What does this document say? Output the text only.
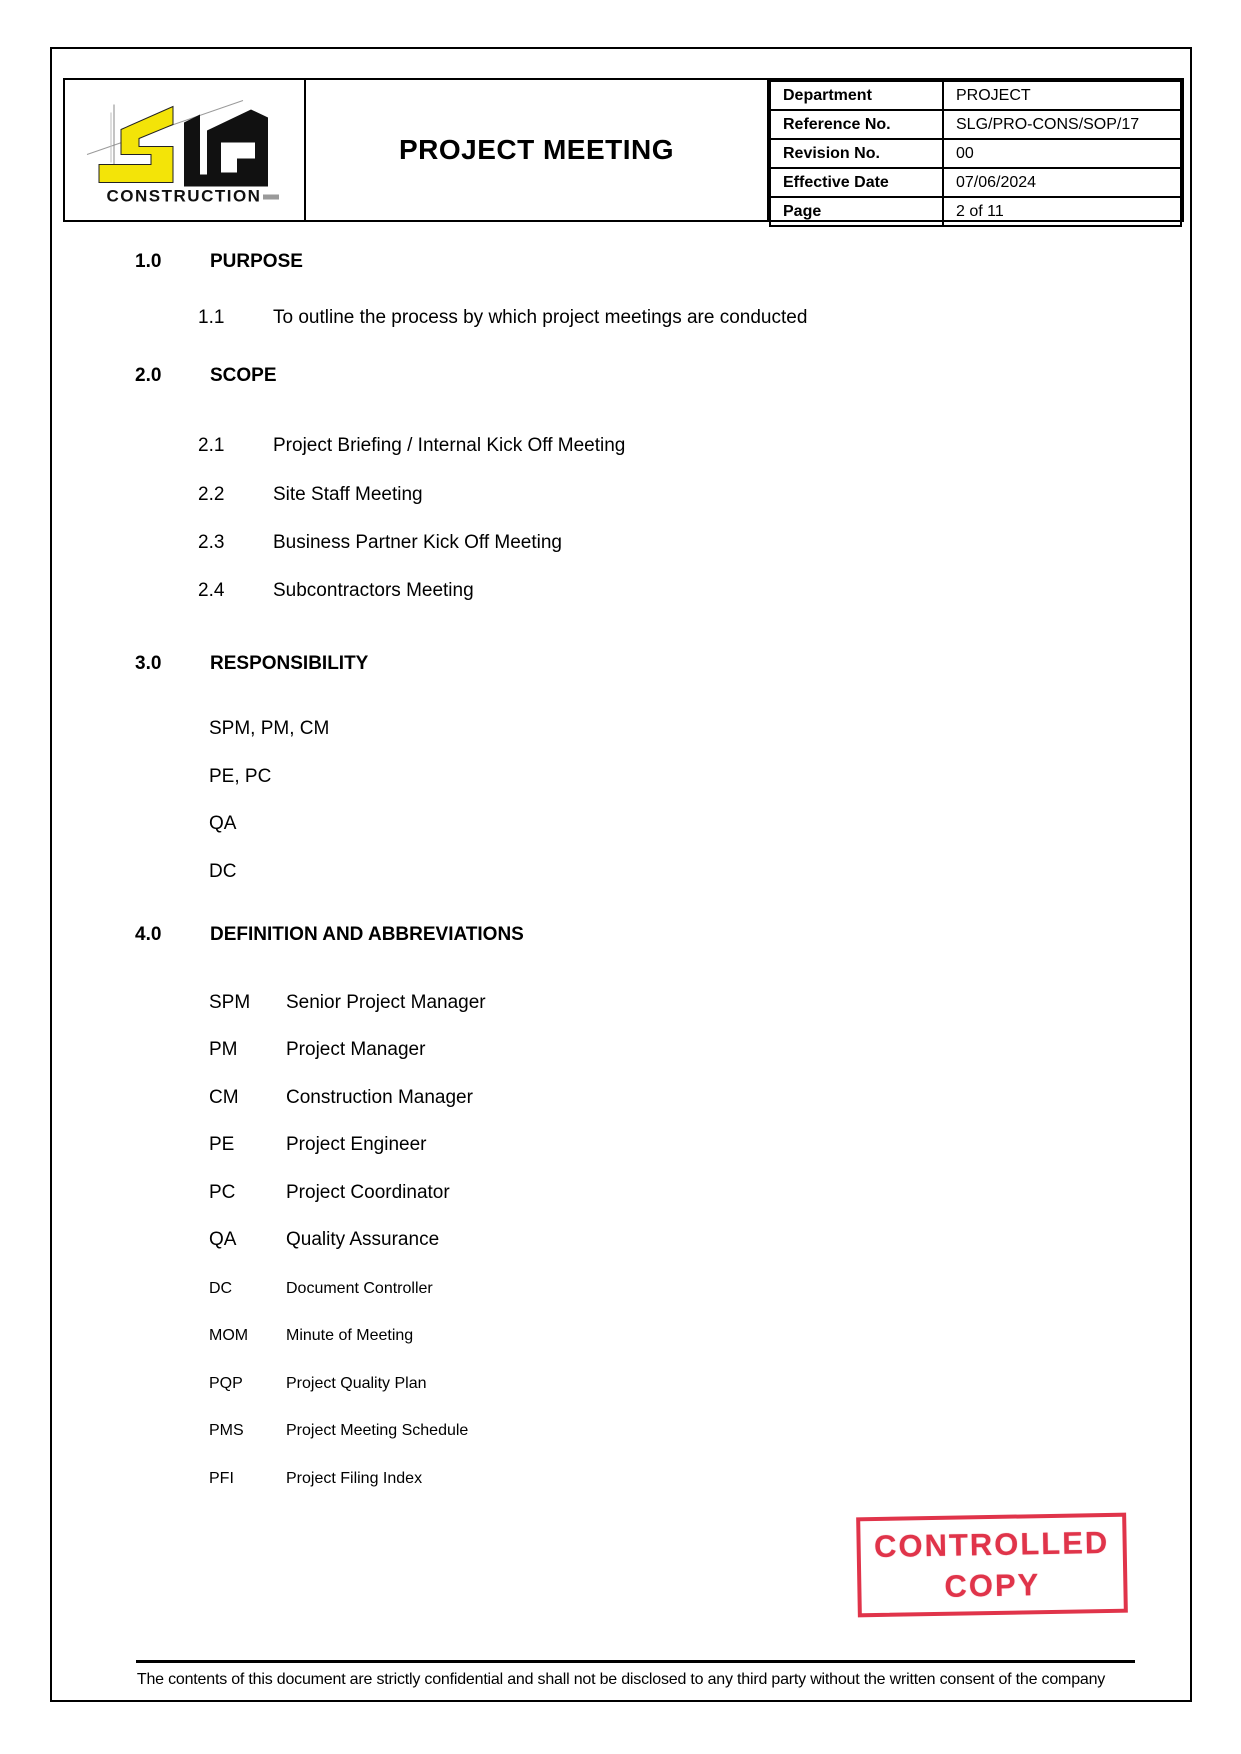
CONSTRUCTION
PROJECT MEETING
Department	PROJECT
Reference No.	SLG/PRO-CONS/SOP/17
Revision No.	00
Effective Date	07/06/2024
Page	2 of 11
1.0	PURPOSE
1.1	To outline the process by which project meetings are conducted
2.0	SCOPE
2.1	Project Briefing / Internal Kick Off Meeting
2.2	Site Staff Meeting
2.3	Business Partner Kick Off Meeting
2.4	Subcontractors Meeting
3.0	RESPONSIBILITY
SPM, PM, CM
PE, PC
QA
DC
4.0	DEFINITION AND ABBREVIATIONS
SPM Senior Project Manager
PM	Project Manager
CM Construction Manager
PE	Project Engineer
PC	Project Coordinator
QA	Quality Assurance
DC	Document Controller
MOM Minute of Meeting
PQP	Project Quality Plan
PMS	Project Meeting Schedule
PFI	Project Filing Index
CONTROLLED
COPY
The contents of this document are strictly confidential and shall not be disclosed to any third party without the written consent of the company
